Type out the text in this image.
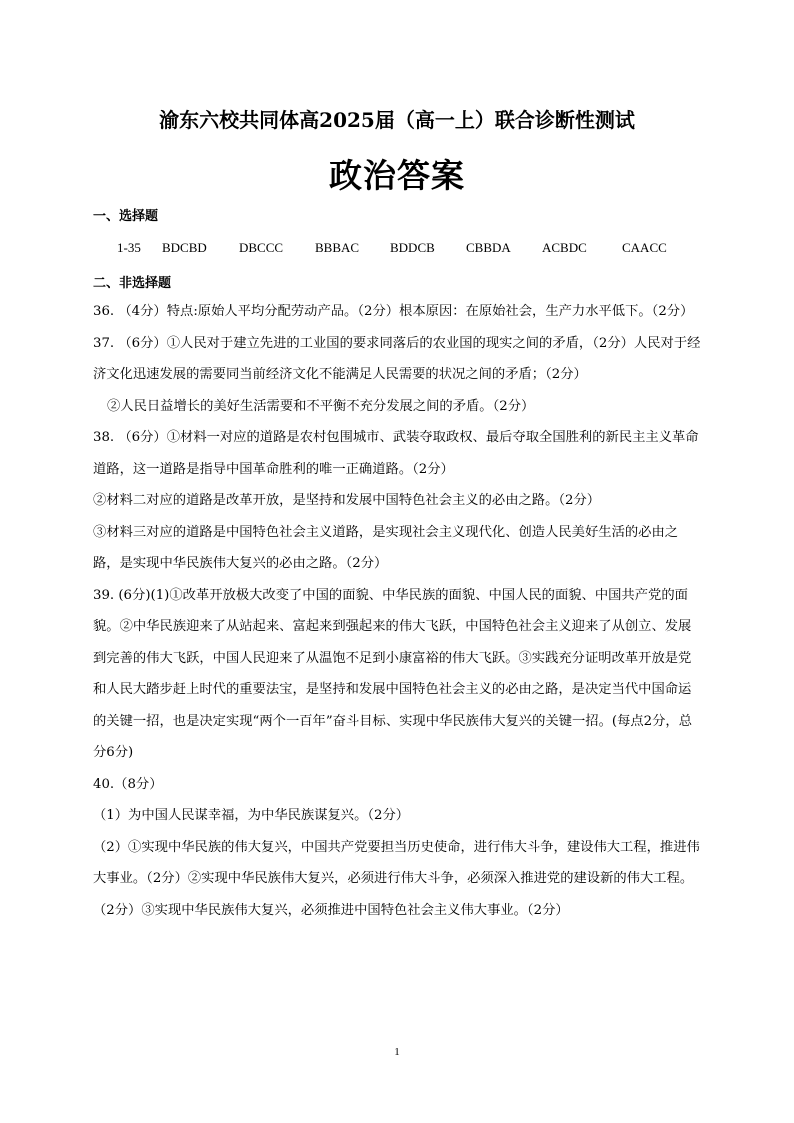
渝东六校共同体高2025届（高一上）联合诊断性测试
政治答案
一、选择题
1-35 BDCBD DBCCC BBBAC BDDCB CBBDA ACBDC	CAACC
二、非选择题

36. （4分）特点:原始人平均分配劳动产品。（2分）根本原因：在原始社会，生产力水平低下。（2分）

37. （6分）①人民对于建立先进的工业国的要求同落后的农业国的现实之间的矛盾，（2分）人民对于经济文化迅速发展的需要同当前经济文化不能满足人民需要的状况之间的矛盾；（2分）

②人民日益增长的美好生活需要和不平衡不充分发展之间的矛盾。（2分）

38. （6分）①材料一对应的道路是农村包围城市、武装夺取政权、最后夺取全国胜利的新民主主义革命道路，这一道路是指导中国革命胜利的唯一正确道路。（2分）

②材料二对应的道路是改革开放，是坚持和发展中国特色社会主义的必由之路。（2分）

③材料三对应的道路是中国特色社会主义道路，是实现社会主义现代化、创造人民美好生活的必由之路，是实现中华民族伟大复兴的必由之路。（2分）

39. (6分)(1)①改革开放极大改变了中国的面貌、中华民族的面貌、中国人民的面貌、中国共产党的面貌。②中华民族迎来了从站起来、富起来到强起来的伟大飞跃，中国特色社会主义迎来了从创立、发展到完善的伟大飞跃，中国人民迎来了从温饱不足到小康富裕的伟大飞跃。③实践充分证明改革开放是党和人民大踏步赶上时代的重要法宝，是坚持和发展中国特色社会主义的必由之路，是决定当代中国命运的关键一招，也是决定实现“两个一百年”奋斗目标、实现中华民族伟大复兴的关键一招。(每点2分，总分6分)

40.（8分）

（1）为中国人民谋幸福，为中华民族谋复兴。（2分）

（2）①实现中华民族的伟大复兴，中国共产党要担当历史使命，进行伟大斗争，建设伟大工程，推进伟大事业。（2分）②实现中华民族伟大复兴，必须进行伟大斗争，必须深入推进党的建设新的伟大工程。（2分）③实现中华民族伟大复兴，必须推进中国特色社会主义伟大事业。（2分）

1
